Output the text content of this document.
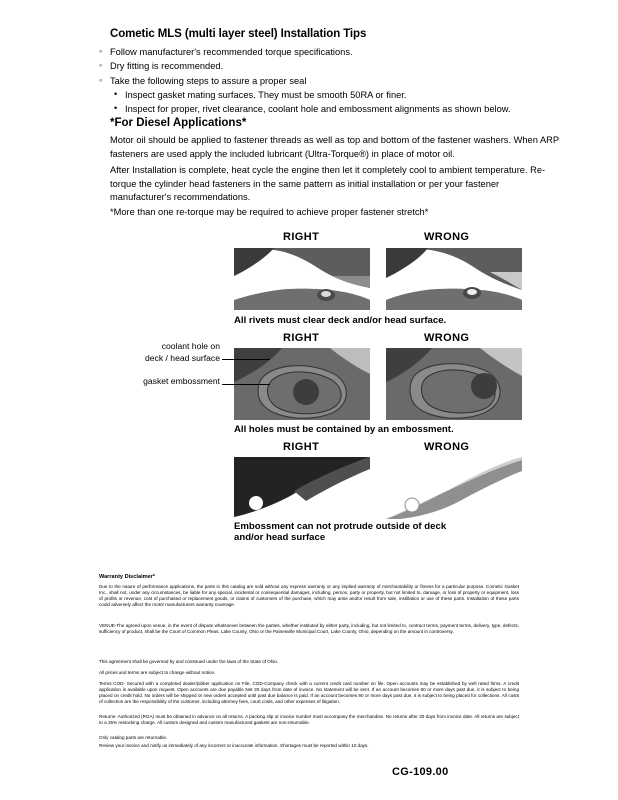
Cometic MLS (multi layer steel) Installation Tips
◦ Follow manufacturer's recommended torque specifications.
◦ Dry fitting is recommended.
◦ Take the following steps to assure a proper seal
• Inspect gasket mating surfaces. They must be smooth 50RA or finer.
• Inspect for proper, rivet clearance, coolant hole and embossment alignments as shown below.
*For Diesel Applications*
Motor oil should be applied to fastener threads as well as top and bottom of the fastener washers. When ARP fasteners are used apply the included lubricant (Ultra-Torque®) in place of motor oil.
After Installation is complete, heat cycle the engine then let it completely cool to ambient temperature. Re-torque the cylinder head fasteners in the same pattern as initial installation or per your fastener manufacturer's recommendations.
*More than one re-torque may be required to achieve proper fastener stretch*
RIGHT	WRONG
All rivets must clear deck and/or head surface.
RIGHT	WRONG
coolant hole on
deck / head surface
gasket embossment
All holes must be contained by an embossment.
RIGHT	WRONG
Embossment can not protrude outside of deck
and/or head surface
Warranty Disclaimer*
Due to the nature of performance applications, the parts in this catalog are sold without any express warranty or any implied warranty of merchantability or fitness for a particular purpose. Cometic Gasket Inc., shall not, under any circumstances, be liable for any special, incidental or consequential damages, including, person, party or property, but not limited to, damage, or loss of property or equipment, loss of profits or revenue, cost of purchased or replacement goods, or claims of customers of the purchase, which may arise and/or result from sale, instillation or use of these parts. Installation of these parts could adversely affect the motor manufacturers warranty coverage.
VENUE-The agreed upon venue, in the event of dispute whatsoever between the parties, whether instituted by either party, including, but not limited to, contract terms, payment terms, delivery, type, defects, sufficiency of product, shall be the Court of Common Pleas, Lake County, Ohio or the Painesville Municipal Court, Lake County, Ohio, depending on the amount in controversy.
This agreement shall be governed by and construed under the laws of the State of Ohio.
All prices and terms are subject to change without notice.
Terms COD- Secured with a completed dealer/jobber application on File, COD-Company check with a current credit card number on file. Open accounts may be established by well rated firms. A credit application is available upon request. Open accounts are due payable Net 30 days from date of invoice. No statement will be sent. If an account becomes 60 or more days past due, it is subject to being placed on credit hold. No orders will be shipped or new orders accepted until past due balance is paid. If an account becomes 90 or more days past due, it is subject to being placed for collections. All costs of collection are the responsibility of the customer, including attorney fees, court costs, and other expenses of litigation.
Returns- Authorized (RGA) must be obtained in advance on all returns. A packing slip or invoice number must accompany the merchandise. No returns after 30 days from invoice date. All returns are subject to a 25% restocking charge. All custom designed and custom manufactured gaskets are non-returnable.
Only catalog parts are returnable.
Review your invoice and notify us immediately of any incorrect or inaccurate information. Shortages must be reported within 10 days.
CG-109.00
